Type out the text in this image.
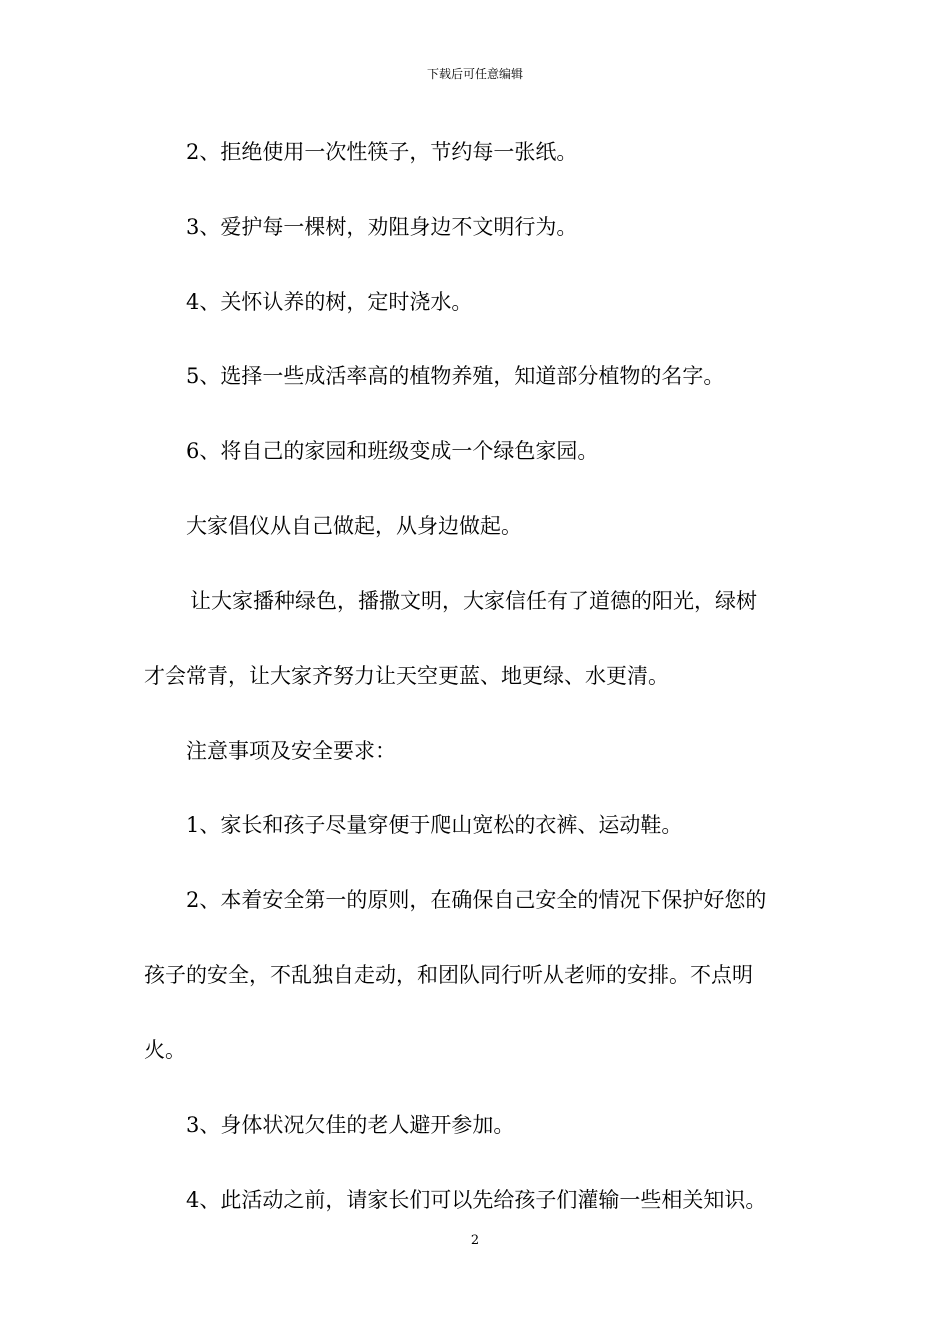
下载后可任意编辑
2、拒绝使用一次性筷子，节约每一张纸。
3、爱护每一棵树，劝阻身边不文明行为。
4、关怀认养的树，定时浇水。
5、选择一些成活率高的植物养殖，知道部分植物的名字。
6、将自己的家园和班级变成一个绿色家园。
大家倡仪从自己做起，从身边做起。
让大家播种绿色，播撒文明，大家信任有了道德的阳光，绿树
才会常青，让大家齐努力让天空更蓝、地更绿、水更清。
注意事项及安全要求：
1、家长和孩子尽量穿便于爬山宽松的衣裤、运动鞋。
2、本着安全第一的原则，在确保自己安全的情况下保护好您的
孩子的安全，不乱独自走动，和团队同行听从老师的安排。不点明
火。
3、身体状况欠佳的老人避开参加。
4、此活动之前，请家长们可以先给孩子们灌输一些相关知识。
2
